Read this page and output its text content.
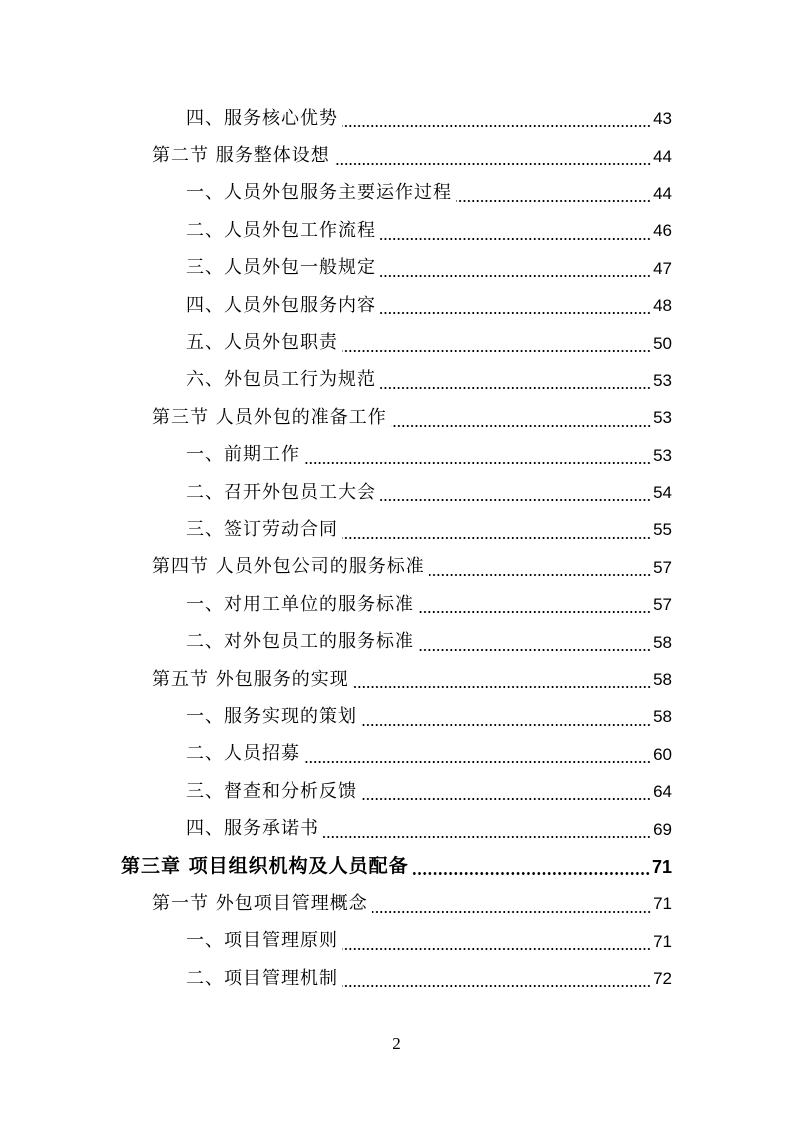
四、服务核心优势	43
第二节 服务整体设想	44
一、人员外包服务主要运作过程	44
二、人员外包工作流程	46
三、人员外包一般规定	47
四、人员外包服务内容	48
五、人员外包职责	50
六、外包员工行为规范	53
第三节 人员外包的准备工作	53
一、前期工作	53
二、召开外包员工大会	54
三、签订劳动合同	55
第四节 人员外包公司的服务标准	57
一、对用工单位的服务标准	57
二、对外包员工的服务标准	58
第五节 外包服务的实现	58
一、服务实现的策划	58
二、人员招募	60
三、督查和分析反馈	64
四、服务承诺书	69
第三章 项目组织机构及人员配备	71
第一节 外包项目管理概念	71
一、项目管理原则	71
二、项目管理机制	72
2
